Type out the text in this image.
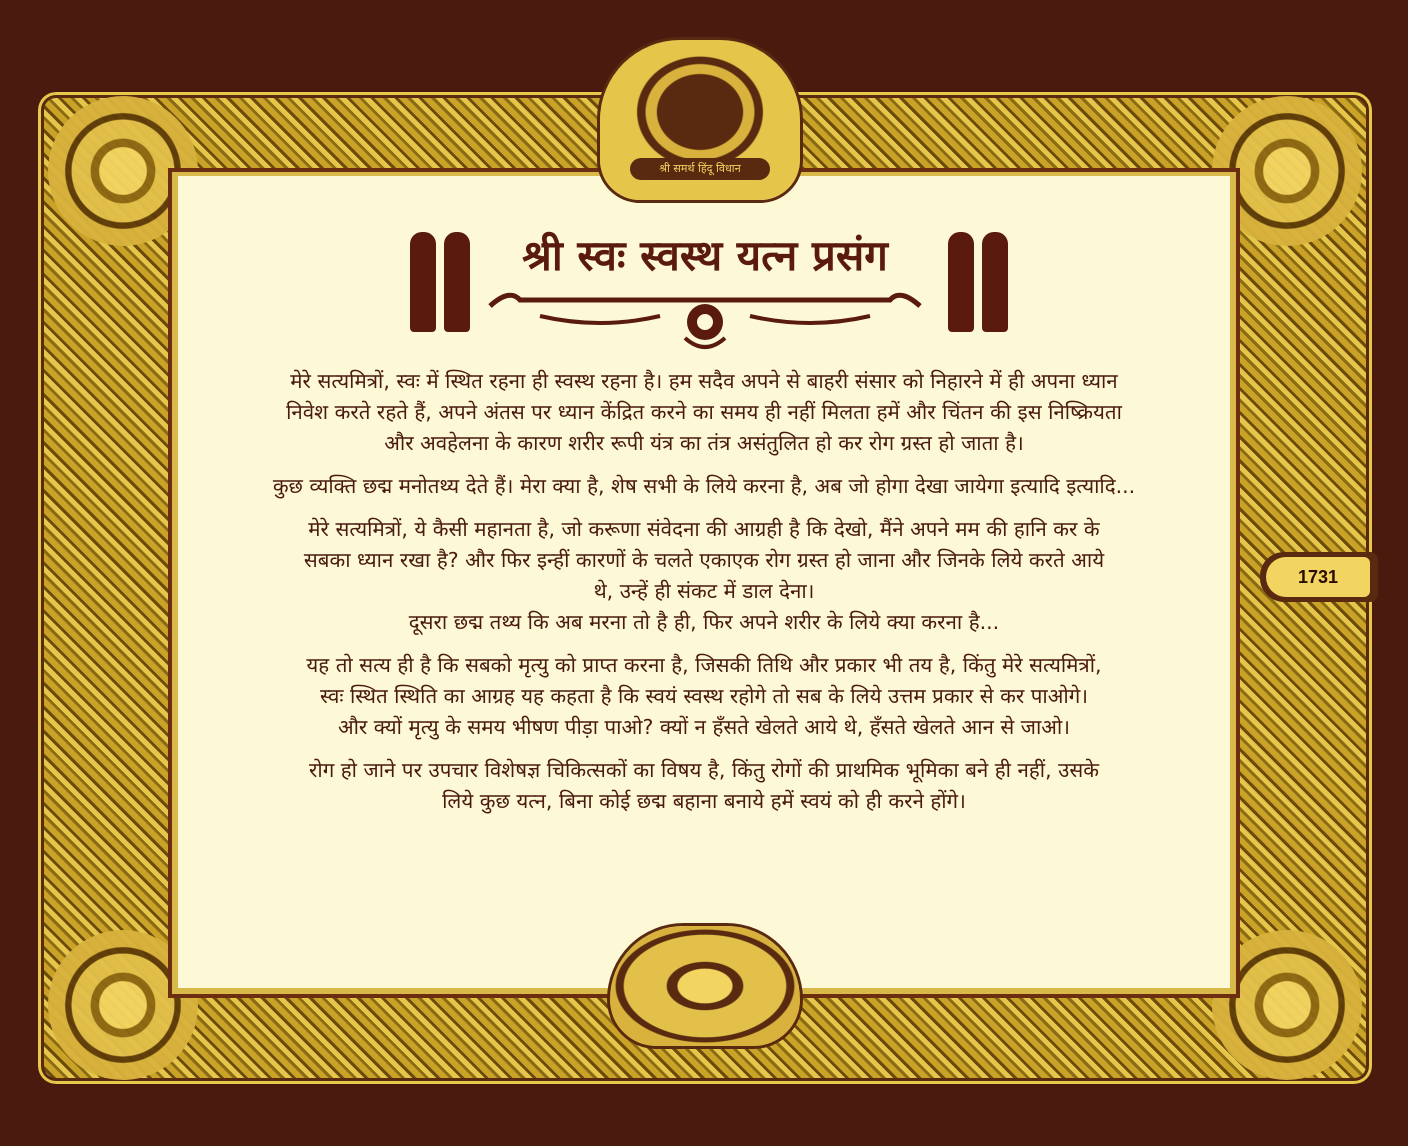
श्री समर्थ हिंदू विधान
श्री स्वः स्वस्थ यत्न प्रसंग
1731

मेरे सत्यमित्रों, स्वः में स्थित रहना ही स्वस्थ रहना है। हम सदैव अपने से बाहरी संसार को निहारने में ही अपना ध्यान
निवेश करते रहते हैं, अपने अंतस पर ध्यान केंद्रित करने का समय ही नहीं मिलता हमें और चिंतन की इस निष्क्रियता
और अवहेलना के कारण शरीर रूपी यंत्र का तंत्र असंतुलित हो कर रोग ग्रस्त हो जाता है।

कुछ व्यक्ति छद्म मनोतथ्य देते हैं। मेरा क्या है, शेष सभी के लिये करना है, अब जो होगा देखा जायेगा इत्यादि इत्यादि...

मेरे सत्यमित्रों, ये कैसी महानता है, जो करूणा संवेदना की आग्रही है कि देखो, मैंने अपने मम की हानि कर के
सबका ध्यान रखा है? और फिर इन्हीं कारणों के चलते एकाएक रोग ग्रस्त हो जाना और जिनके लिये करते आये
थे, उन्हें ही संकट में डाल देना।
दूसरा छद्म तथ्य कि अब मरना तो है ही, फिर अपने शरीर के लिये क्या करना है...

यह तो सत्य ही है कि सबको मृत्यु को प्राप्त करना है, जिसकी तिथि और प्रकार भी तय है, किंतु मेरे सत्यमित्रों,
स्वः स्थित स्थिति का आग्रह यह कहता है कि स्वयं स्वस्थ रहोगे तो सब के लिये उत्तम प्रकार से कर पाओगे।
और क्यों मृत्यु के समय भीषण पीड़ा पाओ? क्यों न हँसते खेलते आये थे, हँसते खेलते आन से जाओ।

रोग हो जाने पर उपचार विशेषज्ञ चिकित्सकों का विषय है, किंतु रोगों की प्राथमिक भूमिका बने ही नहीं, उसके
लिये कुछ यत्न, बिना कोई छद्म बहाना बनाये हमें स्वयं को ही करने होंगे।
